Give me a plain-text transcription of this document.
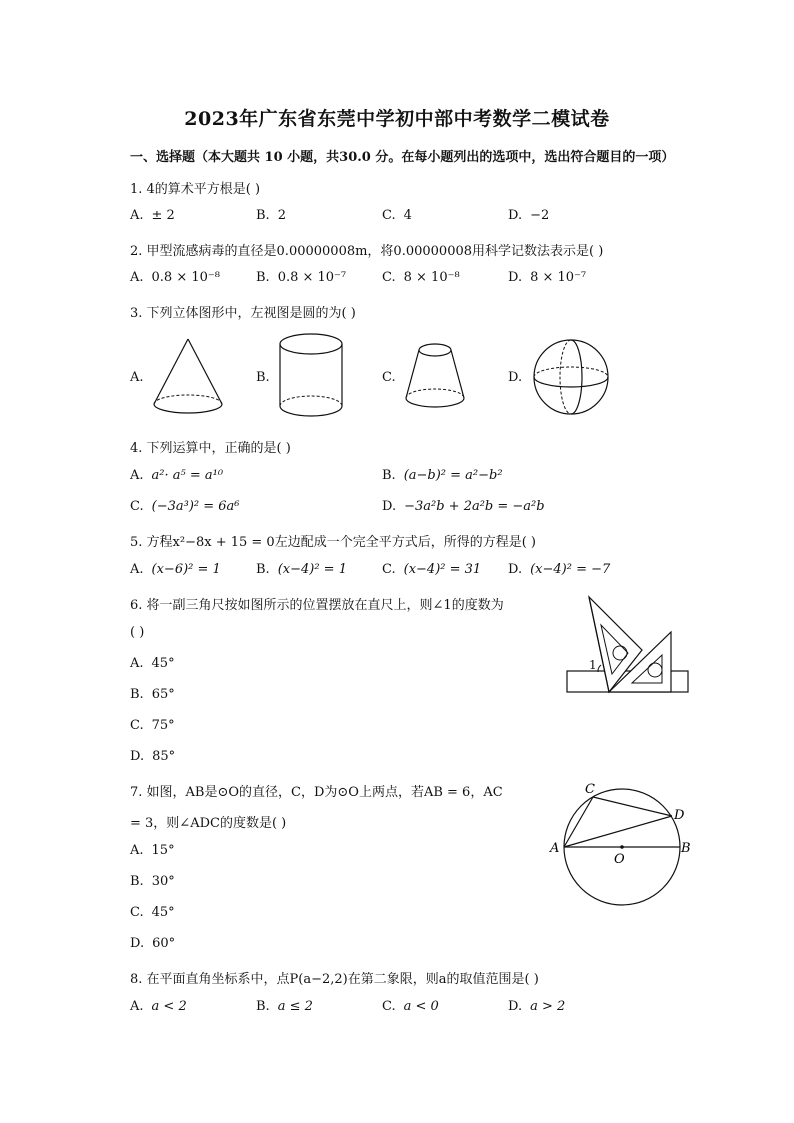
2023年广东省东莞中学初中部中考数学二模试卷
一、选择题（本大题共 10 小题，共30.0 分。在每小题列出的选项中，选出符合题目的一项）
1. 4的算术平方根是( )
A. ± 2	B. 2	C. 4	D. −2
2. 甲型流感病毒的直径是0.00000008m，将0.00000008用科学记数法表示是( )
A. 0.8 × 10⁻⁸	B. 0.8 × 10⁻⁷	C. 8 × 10⁻⁸	D. 8 × 10⁻⁷
3. 下列立体图形中，左视图是圆的为( )
A.	B.	C.	D.
4. 下列运算中，正确的是( )
A. a²· a⁵ = a¹⁰	B. (a−b)² = a²−b²
C. (−3a³)² = 6a⁶	D. −3a²b + 2a²b = −a²b
5. 方程x²−8x + 15 = 0左边配成一个完全平方式后，所得的方程是( )
A. (x−6)² = 1	B. (x−4)² = 1	C. (x−4)² = 31 D. (x−4)² = −7
6. 将一副三角尺按如图所示的位置摆放在直尺上，则∠1的度数为
( )
A. 45°
B. 65°
C. 75°
D. 85°
1
7. 如图，AB是⊙O的直径，C，D为⊙O上两点，若AB = 6，AC
= 3，则∠ADC的度数是( )
A. 15°
B. 30°
C. 45°
D. 60°
A	B
C
D
O
8. 在平面直角坐标系中，点P(a−2,2)在第二象限，则a的取值范围是( )
A. a < 2	B. a ≤ 2	C. a < 0	D. a > 2
